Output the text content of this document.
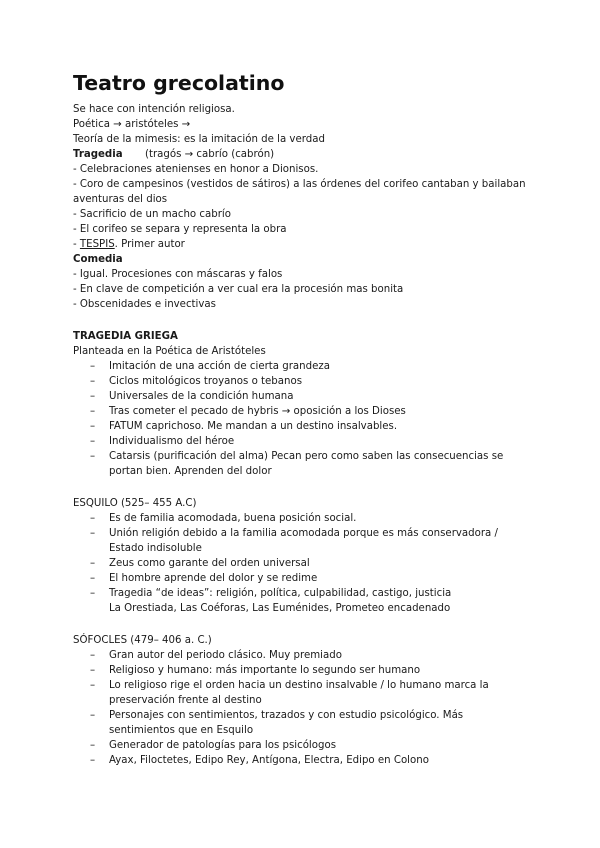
Teatro grecolatino
Se hace con intención religiosa.
Poética → aristóteles →
Teoría de la mimesis: es la imitación de la verdad
Tragedia (tragós → cabrío (cabrón)
- Celebraciones atenienses en honor a Dionisos.
- Coro de campesinos (vestidos de sátiros) a las órdenes del corifeo cantaban y bailaban
aventuras del dios
- Sacrificio de un macho cabrío
- El corifeo se separa y representa la obra
- TESPIS. Primer autor
Comedia
- Igual. Procesiones con máscaras y falos
- En clave de competición a ver cual era la procesión mas bonita
- Obscenidades e invectivas
TRAGEDIA GRIEGA
Planteada en la Poética de Aristóteles
– Imitación de una acción de cierta grandeza
– Ciclos mitológicos troyanos o tebanos
– Universales de la condición humana
– Tras cometer el pecado de hybris → oposición a los Dioses
– FATUM caprichoso. Me mandan a un destino insalvables.
– Individualismo del héroe
– Catarsis (purificación del alma) Pecan pero como saben las consecuencias se portan bien. Aprenden del dolor
ESQUILO (525– 455 A.C)
– Es de familia acomodada, buena posición social.
– Unión religión debido a la familia acomodada porque es más conservadora / Estado indisoluble
– Zeus como garante del orden universal
– El hombre aprende del dolor y se redime
– Tragedia “de ideas”: religión, política, culpabilidad, castigo, justicia
La Orestiada, Las Coéforas, Las Euménides, Prometeo encadenado
SÓFOCLES (479– 406 a. C.)
– Gran autor del periodo clásico. Muy premiado
– Religioso y humano: más importante lo segundo ser humano
– Lo religioso rige el orden hacia un destino insalvable / lo humano marca la preservación frente al destino
– Personajes con sentimientos, trazados y con estudio psicológico. Más sentimientos que en Esquilo
– Generador de patologías para los psicólogos
– Ayax, Filoctetes, Edipo Rey, Antígona, Electra, Edipo en Colono
